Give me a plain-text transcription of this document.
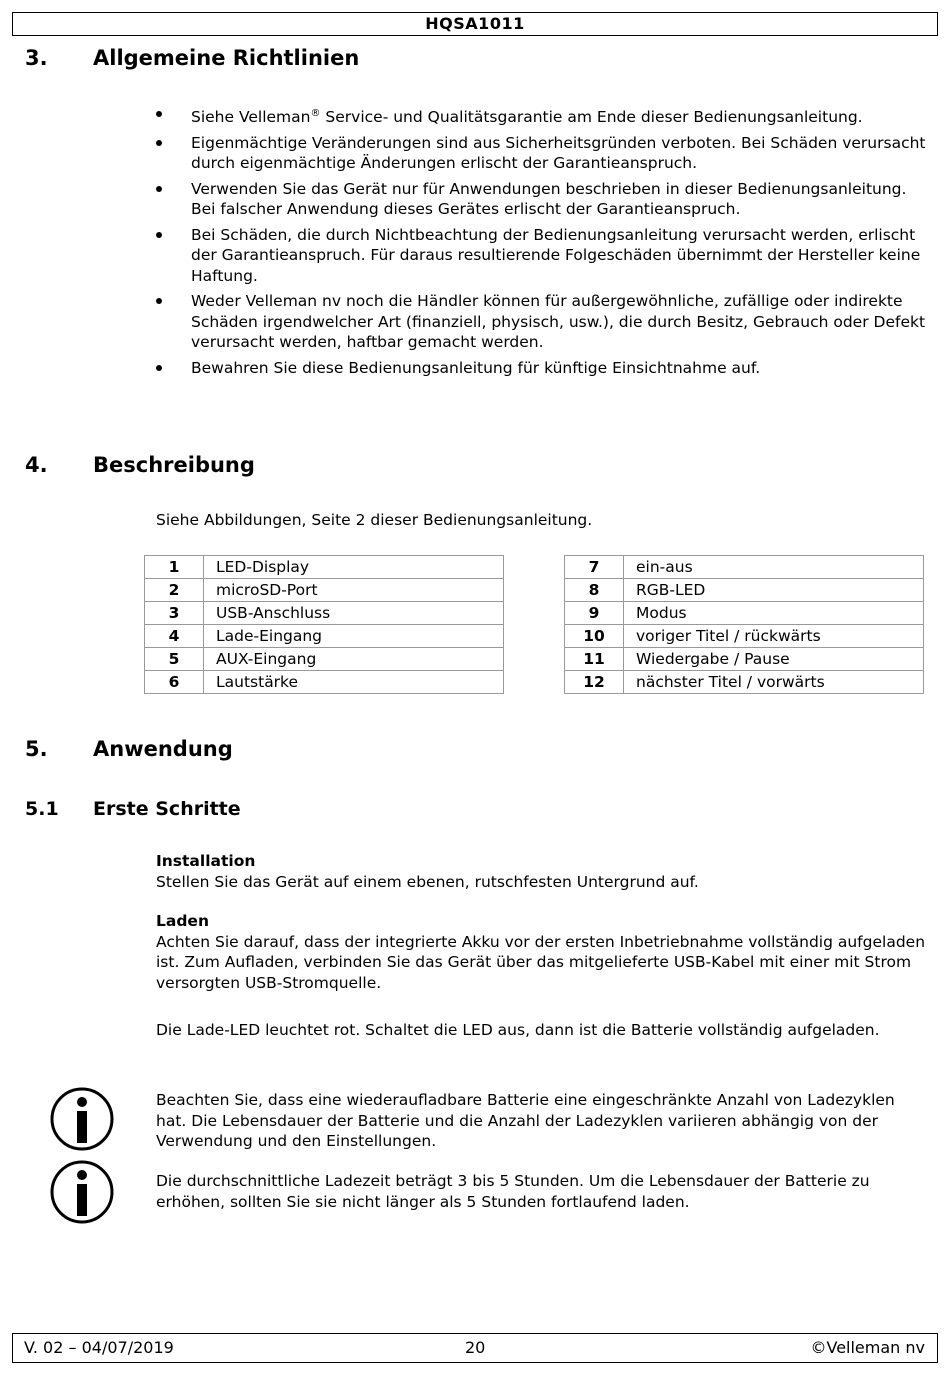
HQSA1011
3. Allgemeine Richtlinien
Siehe Velleman® Service- und Qualitätsgarantie am Ende dieser Bedienungsanleitung.
Eigenmächtige Veränderungen sind aus Sicherheitsgründen verboten. Bei Schäden verursacht durch eigenmächtige Änderungen erlischt der Garantieanspruch.
Verwenden Sie das Gerät nur für Anwendungen beschrieben in dieser Bedienungsanleitung. Bei falscher Anwendung dieses Gerätes erlischt der Garantieanspruch.
Bei Schäden, die durch Nichtbeachtung der Bedienungsanleitung verursacht werden, erlischt der Garantieanspruch. Für daraus resultierende Folgeschäden übernimmt der Hersteller keine Haftung.
Weder Velleman nv noch die Händler können für außergewöhnliche, zufällige oder indirekte Schäden irgendwelcher Art (finanziell, physisch, usw.), die durch Besitz, Gebrauch oder Defekt verursacht werden, haftbar gemacht werden.
Bewahren Sie diese Bedienungsanleitung für künftige Einsichtnahme auf.
4. Beschreibung
Siehe Abbildungen, Seite 2 dieser Bedienungsanleitung.
1	LED-Display
2	microSD-Port
3	USB-Anschluss
4	Lade-Eingang
5	AUX-Eingang
6	Lautstärke
7	ein-aus
8	RGB-LED
9	Modus
10	voriger Titel / rückwärts
11	Wiedergabe / Pause
12	nächster Titel / vorwärts
5. Anwendung
5.1 Erste Schritte
Installation
Stellen Sie das Gerät auf einem ebenen, rutschfesten Untergrund auf.
Laden
Achten Sie darauf, dass der integrierte Akku vor der ersten Inbetriebnahme vollständig aufgeladen ist. Zum Aufladen, verbinden Sie das Gerät über das mitgelieferte USB-Kabel mit einer mit Strom versorgten USB-Stromquelle.
Die Lade-LED leuchtet rot. Schaltet die LED aus, dann ist die Batterie vollständig aufgeladen.
Beachten Sie, dass eine wiederaufladbare Batterie eine eingeschränkte Anzahl von Ladezyklen hat. Die Lebensdauer der Batterie und die Anzahl der Ladezyklen variieren abhängig von der Verwendung und den Einstellungen.
Die durchschnittliche Ladezeit beträgt 3 bis 5 Stunden. Um die Lebensdauer der Batterie zu erhöhen, sollten Sie sie nicht länger als 5 Stunden fortlaufend laden.
V. 02 – 04/07/2019	20	©Velleman nv
